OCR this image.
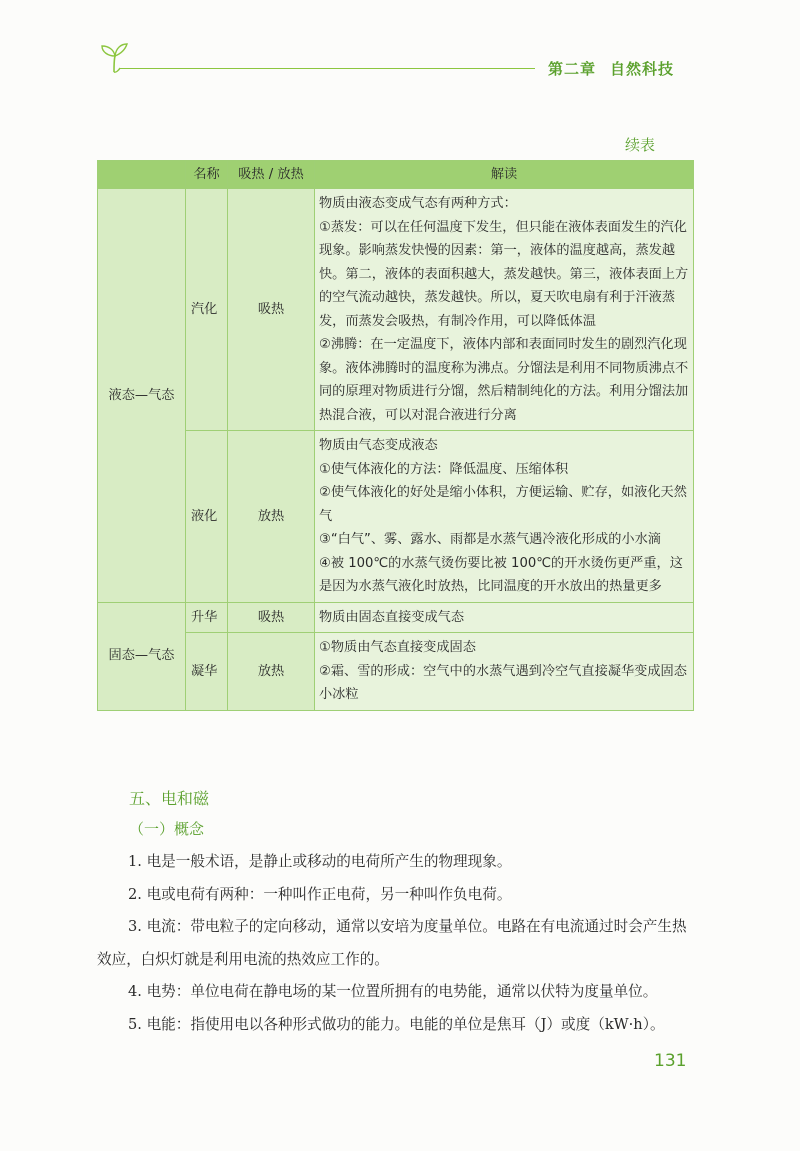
第二章 自然科技
续表
	名称	吸热 / 放热	解读
液态—气态	汽化	吸热	物质由液态变成气态有两种方式：
①蒸发：可以在任何温度下发生，但只能在液体表面发生的汽化现象。影响蒸发快慢的因素：第一，液体的温度越高，蒸发越快。第二，液体的表面积越大，蒸发越快。第三，液体表面上方的空气流动越快，蒸发越快。所以，夏天吹电扇有利于汗液蒸发，而蒸发会吸热，有制冷作用，可以降低体温
②沸腾：在一定温度下，液体内部和表面同时发生的剧烈汽化现象。液体沸腾时的温度称为沸点。分馏法是利用不同物质沸点不同的原理对物质进行分馏，然后精制纯化的方法。利用分馏法加热混合液，可以对混合液进行分离

	液化	放热	物质由气态变成液态
①使气体液化的方法：降低温度、压缩体积
②使气体液化的好处是缩小体积，方便运输、贮存，如液化天然气
③“白气”、雾、露水、雨都是水蒸气遇冷液化形成的小水滴
④被 100℃的水蒸气烫伤要比被 100℃的开水烫伤更严重，这是因为水蒸气液化时放热，比同温度的开水放出的热量更多

固态—气态	升华	吸热	物质由固态直接变成气态

	凝华	放热	①物质由气态直接变成固态
②霜、雪的形成：空气中的水蒸气遇到冷空气直接凝华变成固态小冰粒
五、电和磁
（一）概念
1. 电是一般术语，是静止或移动的电荷所产生的物理现象。
2. 电或电荷有两种：一种叫作正电荷，另一种叫作负电荷。
3. 电流：带电粒子的定向移动，通常以安培为度量单位。电路在有电流通过时会产生热效应，白炽灯就是利用电流的热效应工作的。
4. 电势：单位电荷在静电场的某一位置所拥有的电势能，通常以伏特为度量单位。
5. 电能：指使用电以各种形式做功的能力。电能的单位是焦耳（J）或度（kW·h）。
131
